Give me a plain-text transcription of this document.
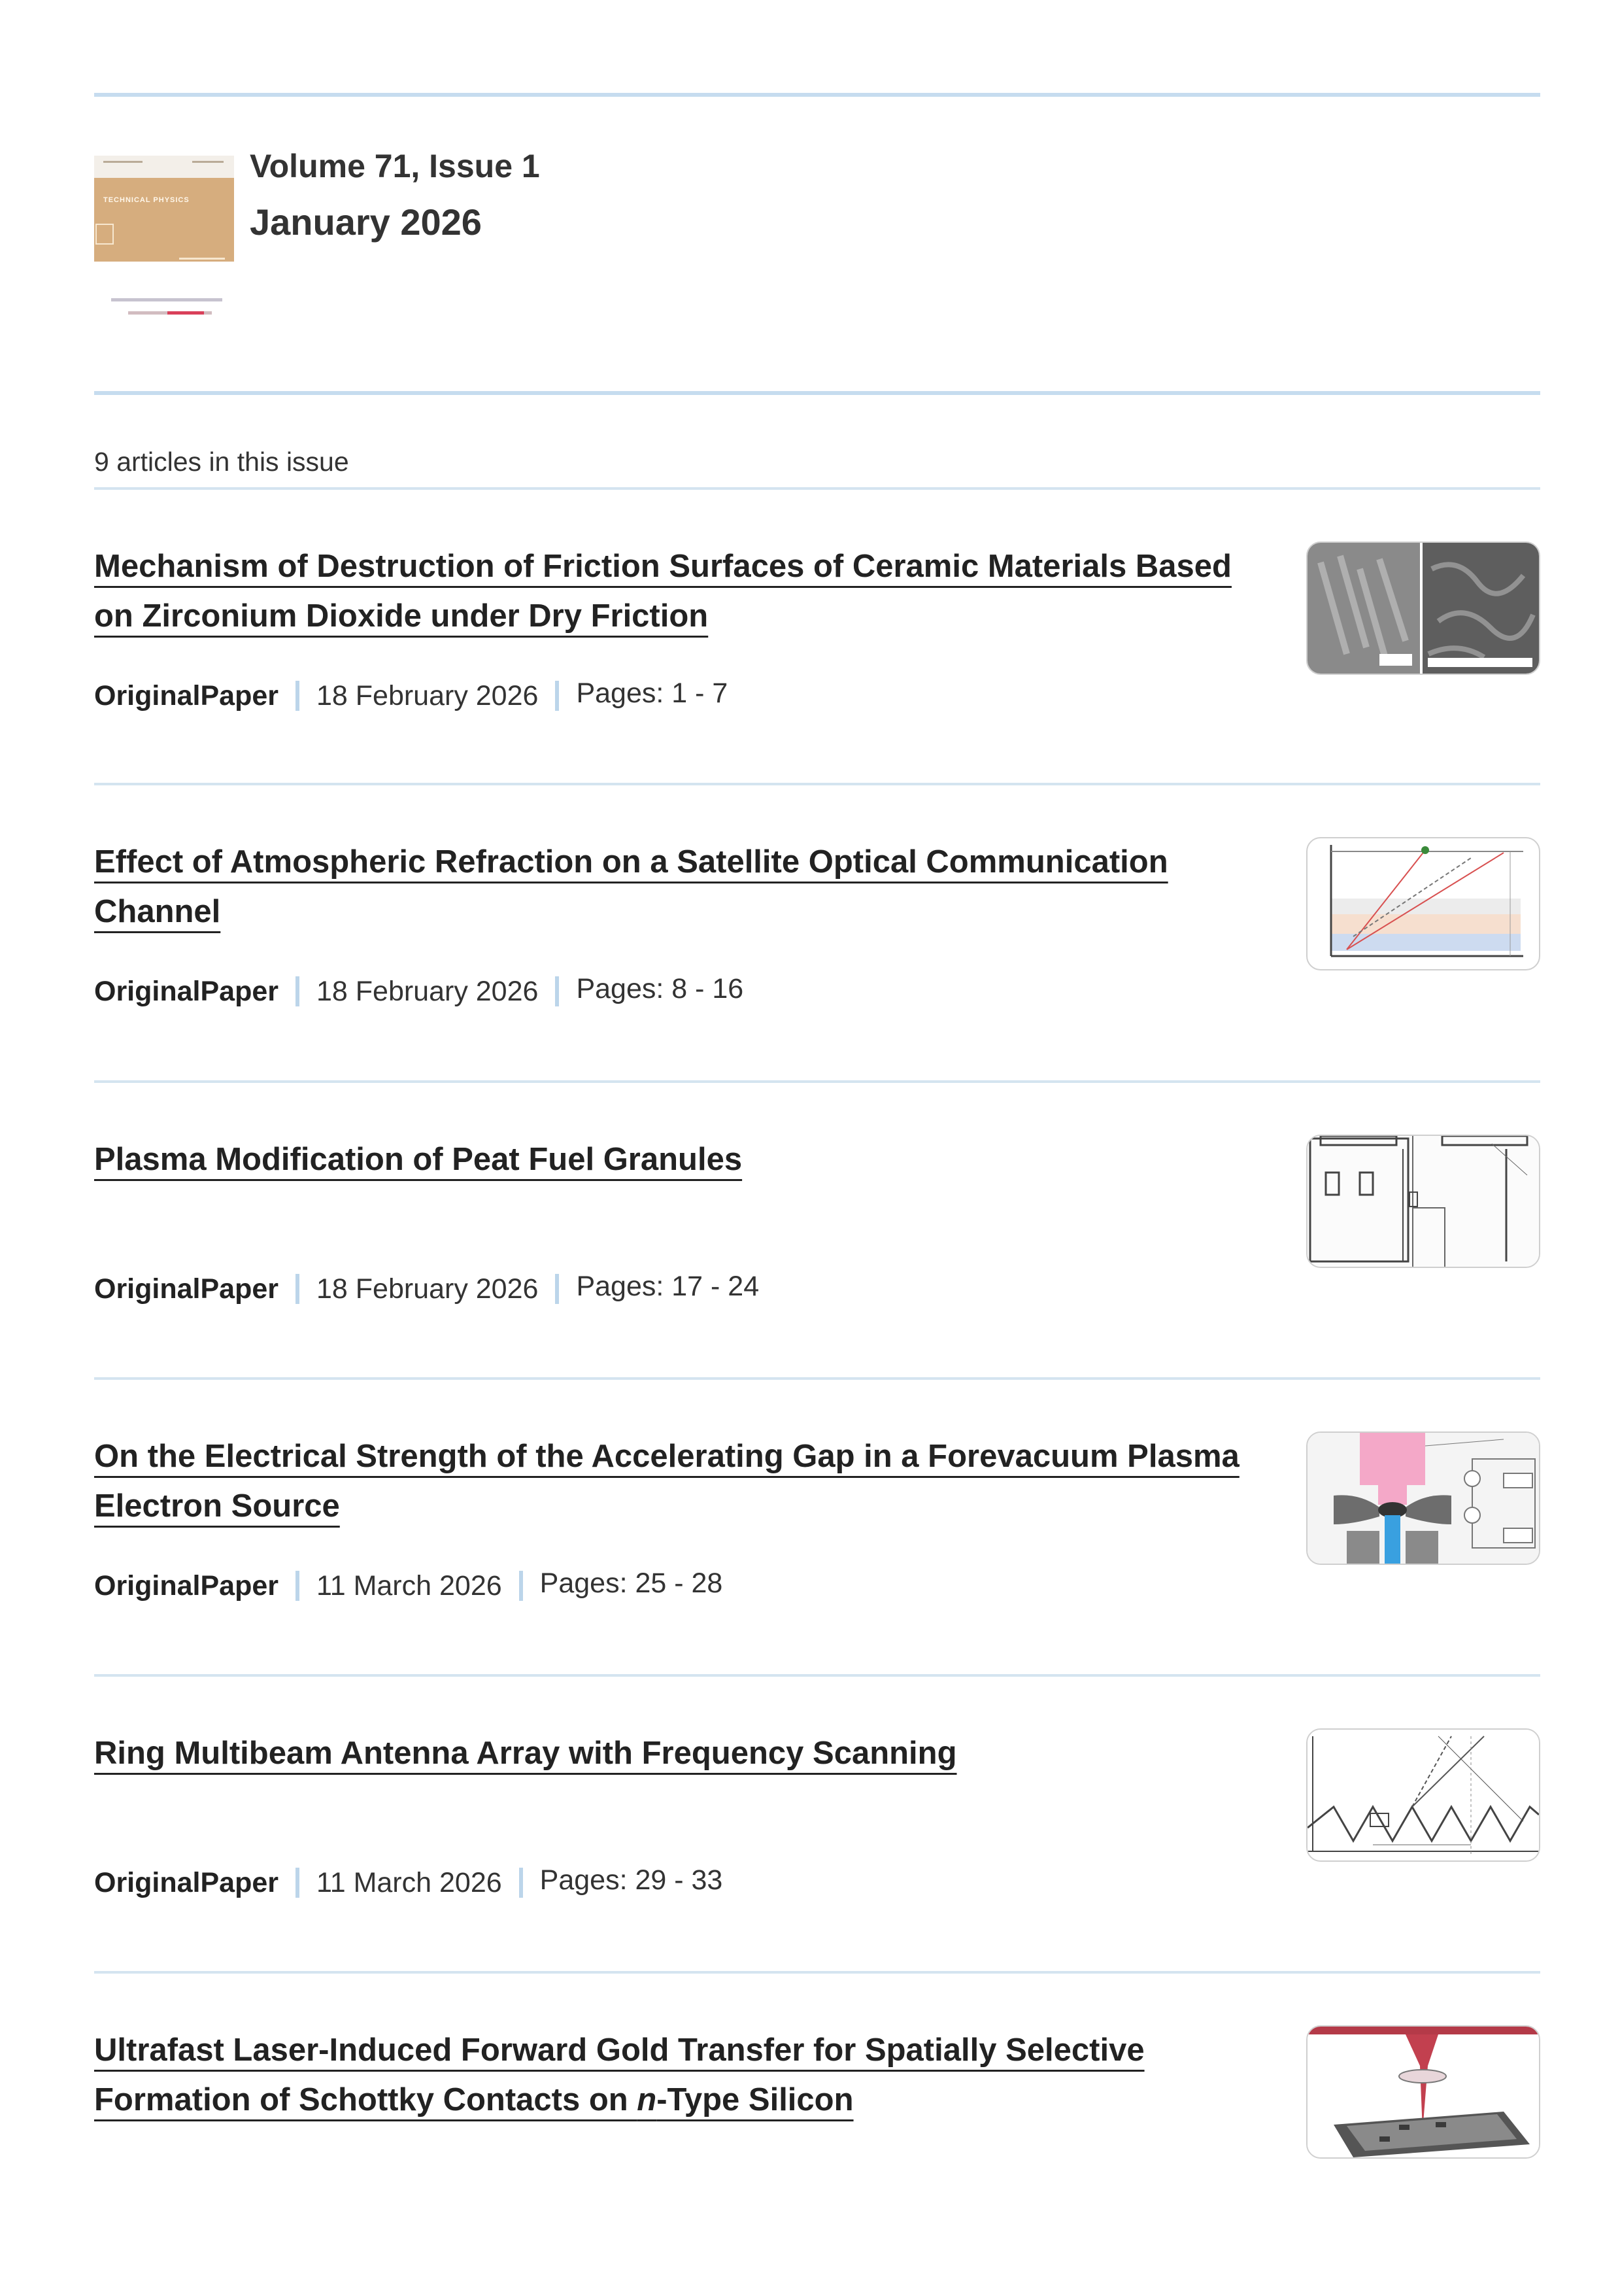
TECHNICAL PHYSICS
Volume 71, Issue 1
January 2026
9 articles in this issue
Mechanism of Destruction of Friction Surfaces of Ceramic Materials Based on Zirconium Dioxide under Dry Friction
OriginalPaper 18 February 2026 Pages: 1 - 7
Effect of Atmospheric Refraction on a Satellite Optical Communication Channel
OriginalPaper 18 February 2026 Pages: 8 - 16
Plasma Modification of Peat Fuel Granules
OriginalPaper 18 February 2026 Pages: 17 - 24
On the Electrical Strength of the Accelerating Gap in a Forevacuum Plasma Electron Source
OriginalPaper 11 March 2026 Pages: 25 - 28
Ring Multibeam Antenna Array with Frequency Scanning
OriginalPaper 11 March 2026 Pages: 29 - 33
Ultrafast Laser-Induced Forward Gold Transfer for Spatially Selective Formation of Schottky Contacts on n-Type Silicon
